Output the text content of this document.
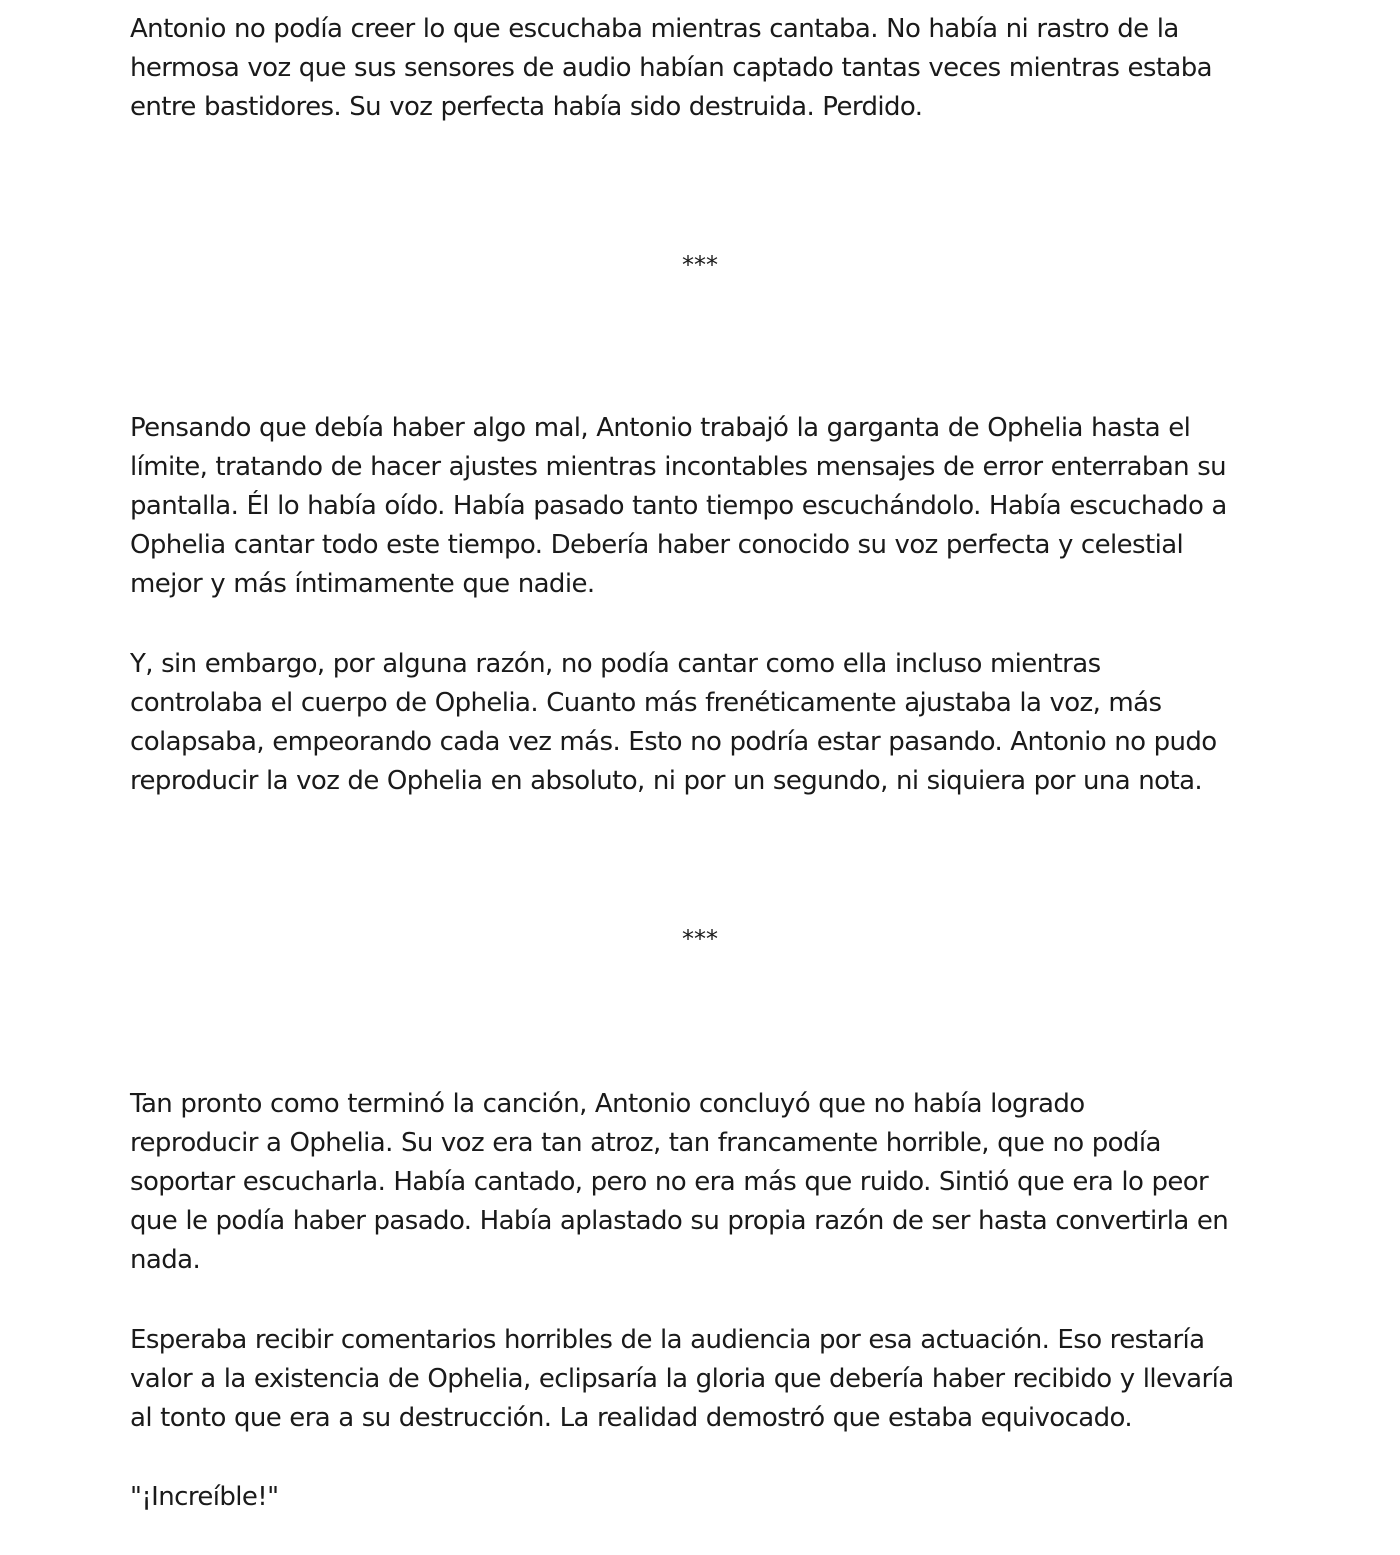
Antonio no podía creer lo que escuchaba mientras cantaba. No había ni rastro de la
hermosa voz que sus sensores de audio habían captado tantas veces mientras estaba
entre bastidores. Su voz perfecta había sido destruida. Perdido.

***

Pensando que debía haber algo mal, Antonio trabajó la garganta de Ophelia hasta el
límite, tratando de hacer ajustes mientras incontables mensajes de error enterraban su
pantalla. Él lo había oído. Había pasado tanto tiempo escuchándolo. Había escuchado a
Ophelia cantar todo este tiempo. Debería haber conocido su voz perfecta y celestial
mejor y más íntimamente que nadie.

Y, sin embargo, por alguna razón, no podía cantar como ella incluso mientras
controlaba el cuerpo de Ophelia. Cuanto más frenéticamente ajustaba la voz, más
colapsaba, empeorando cada vez más. Esto no podría estar pasando. Antonio no pudo
reproducir la voz de Ophelia en absoluto, ni por un segundo, ni siquiera por una nota.

***

Tan pronto como terminó la canción, Antonio concluyó que no había logrado
reproducir a Ophelia. Su voz era tan atroz, tan francamente horrible, que no podía
soportar escucharla. Había cantado, pero no era más que ruido. Sintió que era lo peor
que le podía haber pasado. Había aplastado su propia razón de ser hasta convertirla en
nada.

Esperaba recibir comentarios horribles de la audiencia por esa actuación. Eso restaría
valor a la existencia de Ophelia, eclipsaría la gloria que debería haber recibido y llevaría
al tonto que era a su destrucción. La realidad demostró que estaba equivocado.

"¡Increíble!"
